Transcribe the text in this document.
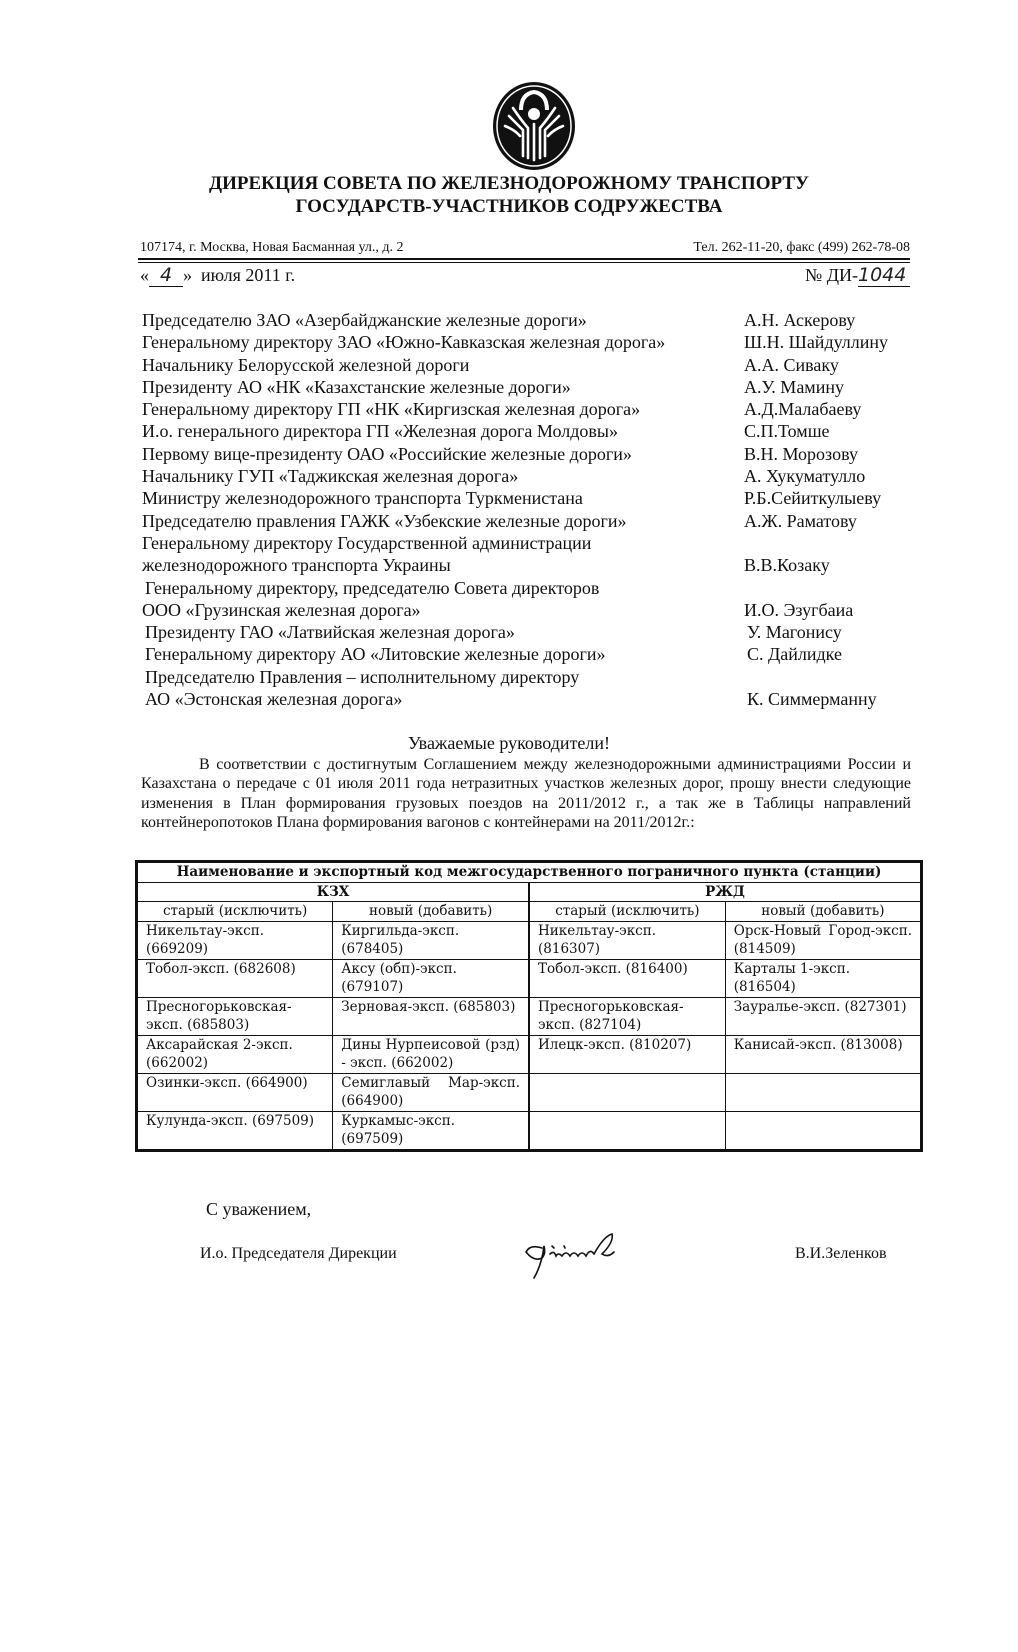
ДИРЕКЦИЯ СОВЕТА ПО ЖЕЛЕЗНОДОРОЖНОМУ ТРАНСПОРТУ
ГОСУДАРСТВ-УЧАСТНИКОВ СОДРУЖЕСТВА
107174, г. Москва, Новая Басманная ул., д. 2	Тел. 262-11-20, факс (499) 262-78-08
« 4 » июля 2011 г.	№ ДИ-1044
Председателю ЗАО «Азербайджанские железные дороги»	А.Н. Аскерову
Генеральному директору ЗАО «Южно-Кавказская железная дорога»	Ш.Н. Шайдуллину
Начальнику Белорусской железной дороги	А.А. Сиваку
Президенту АО «НК «Казахстанские железные дороги»	А.У. Мамину
Генеральному директору ГП «НК «Киргизская железная дорога»	А.Д.Малабаеву
И.о. генерального директора ГП «Железная дорога Молдовы»	С.П.Томше
Первому вице-президенту ОАО «Российские железные дороги»	В.Н. Морозову
Начальнику ГУП «Таджикская железная дорога»	А. Хукуматулло
Министру железнодорожного транспорта Туркменистана	Р.Б.Сейиткулыеву
Председателю правления ГАЖК «Узбекские железные дороги»	А.Ж. Раматову
Генеральному директору Государственной администрации
железнодорожного транспорта Украины	В.В.Козаку
Генеральному директору, председателю Совета директоров
ООО «Грузинская железная дорога»	И.О. Эзугбаиа
Президенту ГАО «Латвийская железная дорога»	У. Магонису
Генеральному директору АО «Литовские железные дороги»	С. Дайлидке
Председателю Правления – исполнительному директору
АО «Эстонская железная дорога»	К. Симмерманну
Уважаемые руководители!

В соответствии с достигнутым Соглашением между железнодорожными администрациями России и Казахстана о передаче с 01 июля 2011 года нетразитных участков железных дорог, прошу внести следующие изменения в План формирования грузовых поездов на 2011/2012 г., а так же в Таблицы направлений контейнеропотоков Плана формирования вагонов с контейнерами на 2011/2012г.:

Наименование и экспортный код межгосударственного пограничного пункта (станции)			
КЗХ		РЖД	
старый (исключить)	новый (добавить)	старый (исключить)	новый (добавить)
Никельтау-эксп. (669209)	Киргильда-эксп. (678405)	Никельтау-эксп. (816307)	Орск-Новый Город-эксп.(814509)
Тобол-эксп. (682608)	Аксу (обп)-эксп. (679107)	Тобол-эксп. (816400)	Карталы 1-эксп. (816504)
Пресногорьковская-эксп. (685803)	Зерновая-эксп. (685803)	Пресногорьковская-эксп. (827104)	Зауралье-эксп. (827301)
Аксарайская 2-эксп. (662002)	Дины Нурпеисовой (рзд) - эксп. (662002)	Илецк-эксп. (810207)	Канисай-эксп. (813008)
Озинки-эксп. (664900)	Семиглавый Мар-эксп. (664900)		
Кулунда-эксп. (697509)	Куркамыс-эксп. (697509)		
С уважением,
И.о. Председателя Дирекции	В.И.Зеленков
